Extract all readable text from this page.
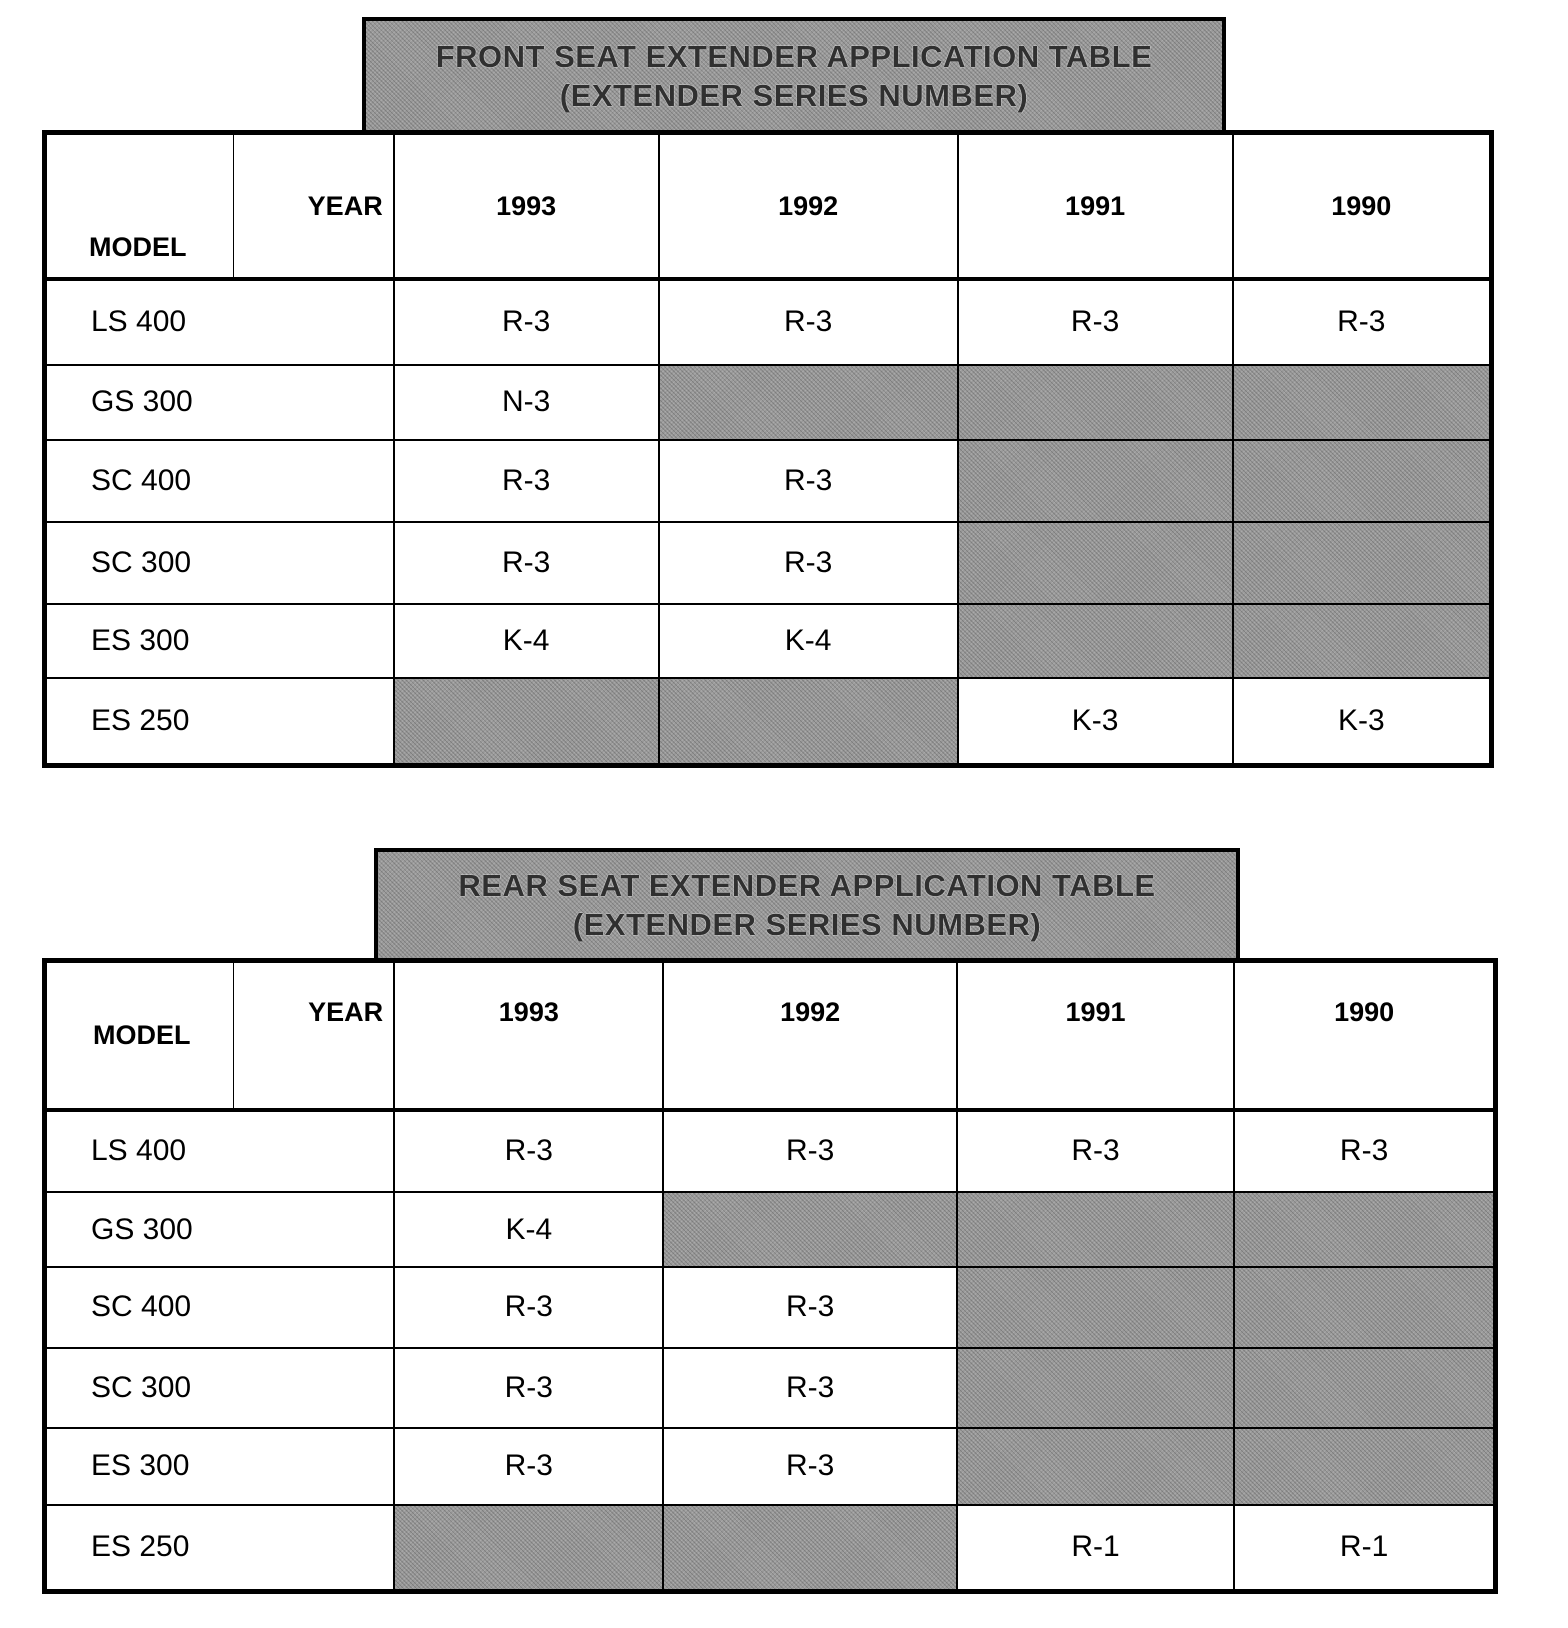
FRONT SEAT EXTENDER APPLICATION TABLE
(EXTENDER SERIES NUMBER)
MODEL	YEAR	1993	1992	1991	1990
LS 400		R-3	R-3	R-3	R-3
GS 300		N-3			
SC 400		R-3	R-3		
SC 300		R-3	R-3		
ES 300		K-4	K-4		
ES 250				K-3	K-3
REAR SEAT EXTENDER APPLICATION TABLE
(EXTENDER SERIES NUMBER)
MODEL	YEAR	1993	1992	1991	1990
LS 400		R-3	R-3	R-3	R-3
GS 300		K-4			
SC 400		R-3	R-3		
SC 300		R-3	R-3		
ES 300		R-3	R-3		
ES 250				R-1	R-1
